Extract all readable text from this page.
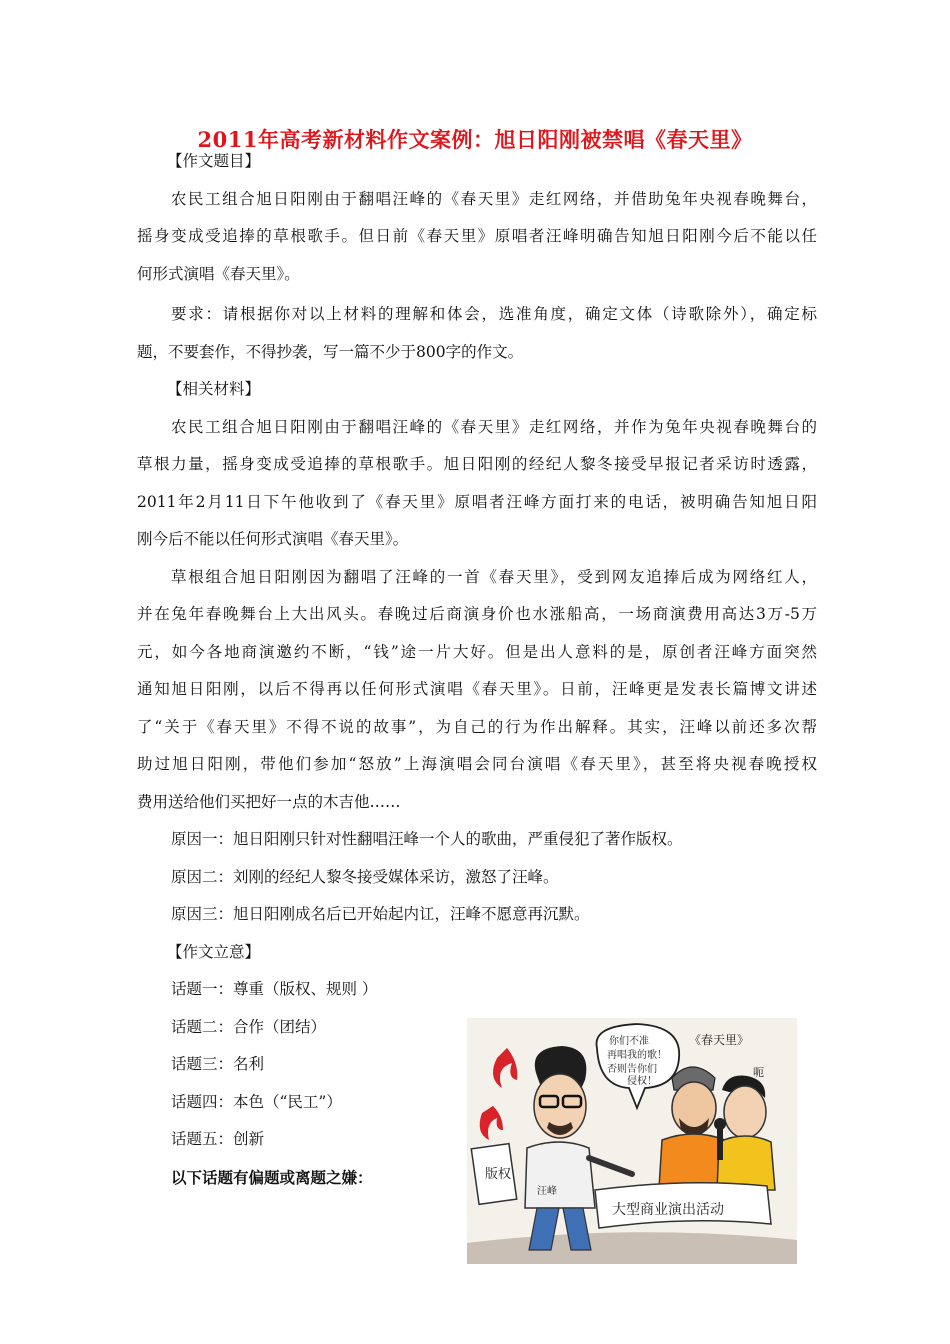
2011年高考新材料作文案例：旭日阳刚被禁唱《春天里》
【作文题目】
农民工组合旭日阳刚由于翻唱汪峰的《春天里》走红网络，并借助兔年央视春晚舞台，
摇身变成受追捧的草根歌手。但日前《春天里》原唱者汪峰明确告知旭日阳刚今后不能以任
何形式演唱《春天里》。
要求：请根据你对以上材料的理解和体会，选准角度，确定文体（诗歌除外），确定标
题，不要套作，不得抄袭，写一篇不少于800字的作文。
【相关材料】
农民工组合旭日阳刚由于翻唱汪峰的《春天里》走红网络，并作为兔年央视春晚舞台的
草根力量，摇身变成受追捧的草根歌手。旭日阳刚的经纪人黎冬接受早报记者采访时透露，
2011年2月11日下午他收到了《春天里》原唱者汪峰方面打来的电话，被明确告知旭日阳
刚今后不能以任何形式演唱《春天里》。
草根组合旭日阳刚因为翻唱了汪峰的一首《春天里》，受到网友追捧后成为网络红人，
并在兔年春晚舞台上大出风头。春晚过后商演身价也水涨船高，一场商演费用高达3万-5万
元，如今各地商演邀约不断，“钱”途一片大好。但是出人意料的是，原创者汪峰方面突然
通知旭日阳刚，以后不得再以任何形式演唱《春天里》。日前，汪峰更是发表长篇博文讲述
了“关于《春天里》不得不说的故事”，为自己的行为作出解释。其实，汪峰以前还多次帮
助过旭日阳刚，带他们参加“怒放”上海演唱会同台演唱《春天里》，甚至将央视春晚授权
费用送给他们买把好一点的木吉他……
原因一：旭日阳刚只针对性翻唱汪峰一个人的歌曲，严重侵犯了著作版权。
原因二：刘刚的经纪人黎冬接受媒体采访，激怒了汪峰。
原因三：旭日阳刚成名后已开始起内讧，汪峰不愿意再沉默。
【作文立意】
话题一：尊重（版权、规则 ）
话题二：合作（团结）
话题三：名利
话题四：本色（“民工”）
话题五：创新
以下话题有偏题或离题之嫌：
汪峰
版权
你们不准
再唱我的歌！
否则告你们
侵权！
《春天里》
呃
大型商业演出活动
